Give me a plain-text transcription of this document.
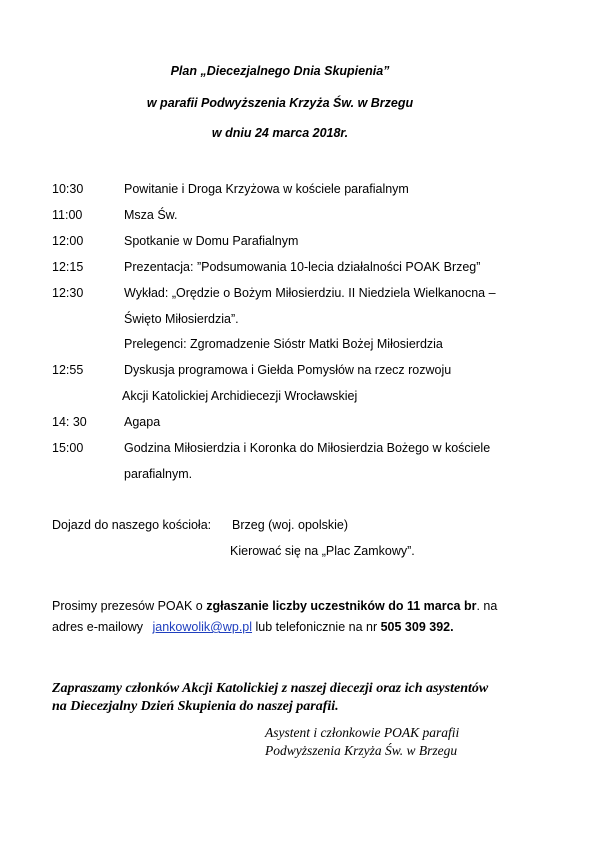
Plan „Diecezjalnego Dnia Skupienia”
w parafii Podwyższenia Krzyża Św. w Brzegu
w dniu 24 marca 2018r.
10:30	Powitanie i Droga Krzyżowa w kościele parafialnym
11:00	Msza Św.
12:00	Spotkanie w Domu Parafialnym
12:15	Prezentacja: ”Podsumowania 10-lecia działalności POAK Brzeg”
12:30	Wykład: „Orędzie o Bożym Miłosierdziu. II Niedziela Wielkanocna –
Święto Miłosierdzia”.
Prelegenci: Zgromadzenie Sióstr Matki Bożej Miłosierdzia
12:55	Dyskusja programowa i Giełda Pomysłów na rzecz rozwoju
Akcji Katolickiej Archidiecezji Wrocławskiej
14: 30	Agapa
15:00	Godzina Miłosierdzia i Koronka do Miłosierdzia Bożego w kościele
parafialnym.
Dojazd do naszego kościoła: Brzeg (woj. opolskie)
Kierować się na „Plac Zamkowy”.
Prosimy prezesów POAK o zgłaszanie liczby uczestników do 11 marca br. na
adres e-mailowy jankowolik@wp.pl lub telefonicznie na nr 505 309 392.
Zapraszamy członków Akcji Katolickiej z naszej diecezji oraz ich asystentów
na Diecezjalny Dzień Skupienia do naszej parafii.
Asystent i członkowie POAK parafii
Podwyższenia Krzyża Św. w Brzegu
